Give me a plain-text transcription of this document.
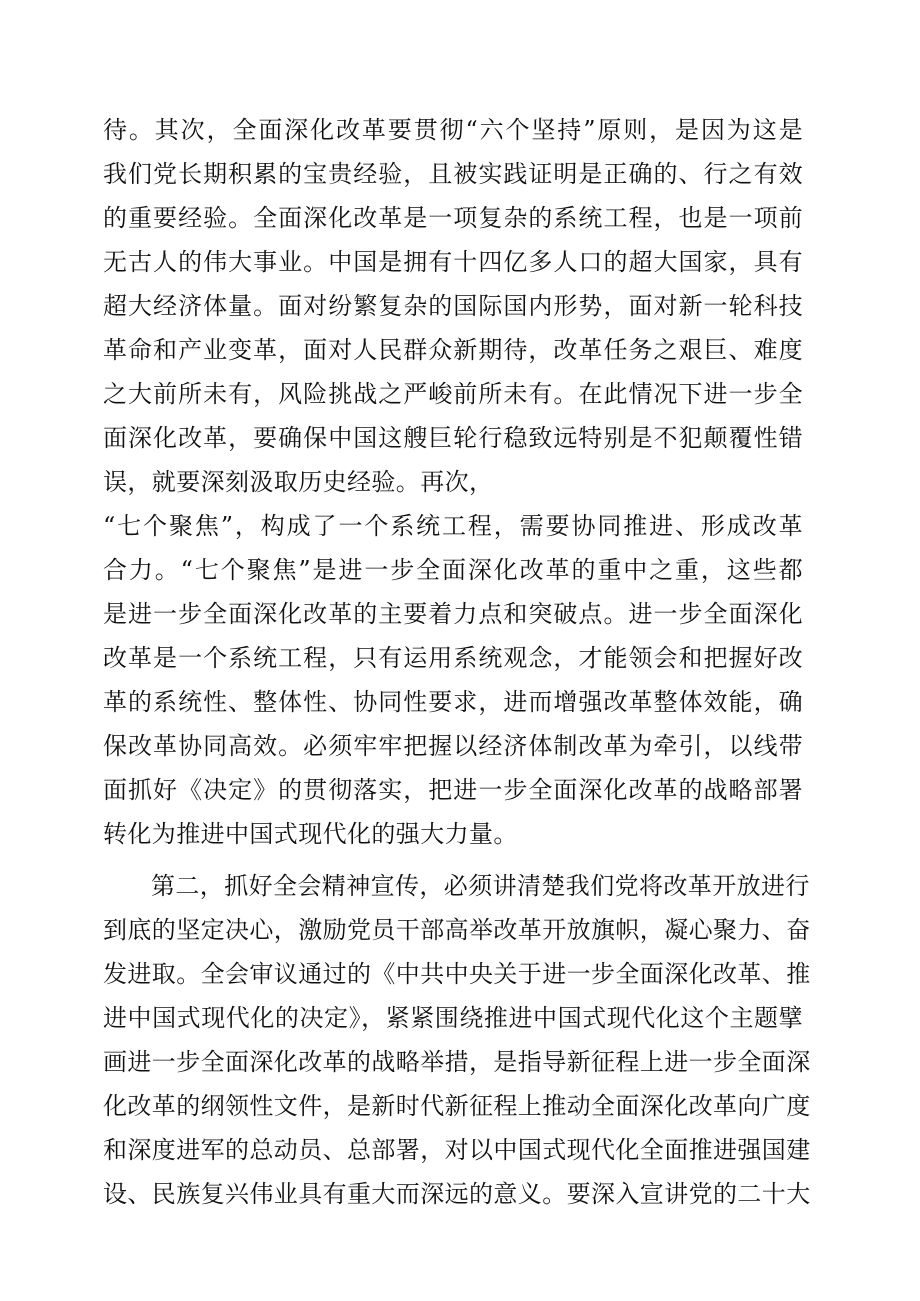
待。其次，全面深化改革要贯彻“六个坚持”原则，是因为这是
我们党长期积累的宝贵经验，且被实践证明是正确的、行之有效
的重要经验。全面深化改革是一项复杂的系统工程，也是一项前
无古人的伟大事业。中国是拥有十四亿多人口的超大国家，具有
超大经济体量。面对纷繁复杂的国际国内形势，面对新一轮科技
革命和产业变革，面对人民群众新期待，改革任务之艰巨、难度
之大前所未有，风险挑战之严峻前所未有。在此情况下进一步全
面深化改革，要确保中国这艘巨轮行稳致远特别是不犯颠覆性错
误，就要深刻汲取历史经验。再次，
“七个聚焦”，构成了一个系统工程，需要协同推进、形成改革
合力。“七个聚焦”是进一步全面深化改革的重中之重，这些都
是进一步全面深化改革的主要着力点和突破点。进一步全面深化
改革是一个系统工程，只有运用系统观念，才能领会和把握好改
革的系统性、整体性、协同性要求，进而增强改革整体效能，确
保改革协同高效。必须牢牢把握以经济体制改革为牵引，以线带
面抓好《决定》的贯彻落实，把进一步全面深化改革的战略部署
转化为推进中国式现代化的强大力量。
第二，抓好全会精神宣传，必须讲清楚我们党将改革开放进行
到底的坚定决心，激励党员干部高举改革开放旗帜，凝心聚力、奋
发进取。全会审议通过的《中共中央关于进一步全面深化改革、推
进中国式现代化的决定》，紧紧围绕推进中国式现代化这个主题擘
画进一步全面深化改革的战略举措，是指导新征程上进一步全面深
化改革的纲领性文件，是新时代新征程上推动全面深化改革向广度
和深度进军的总动员、总部署，对以中国式现代化全面推进强国建
设、民族复兴伟业具有重大而深远的意义。要深入宣讲党的二十大
